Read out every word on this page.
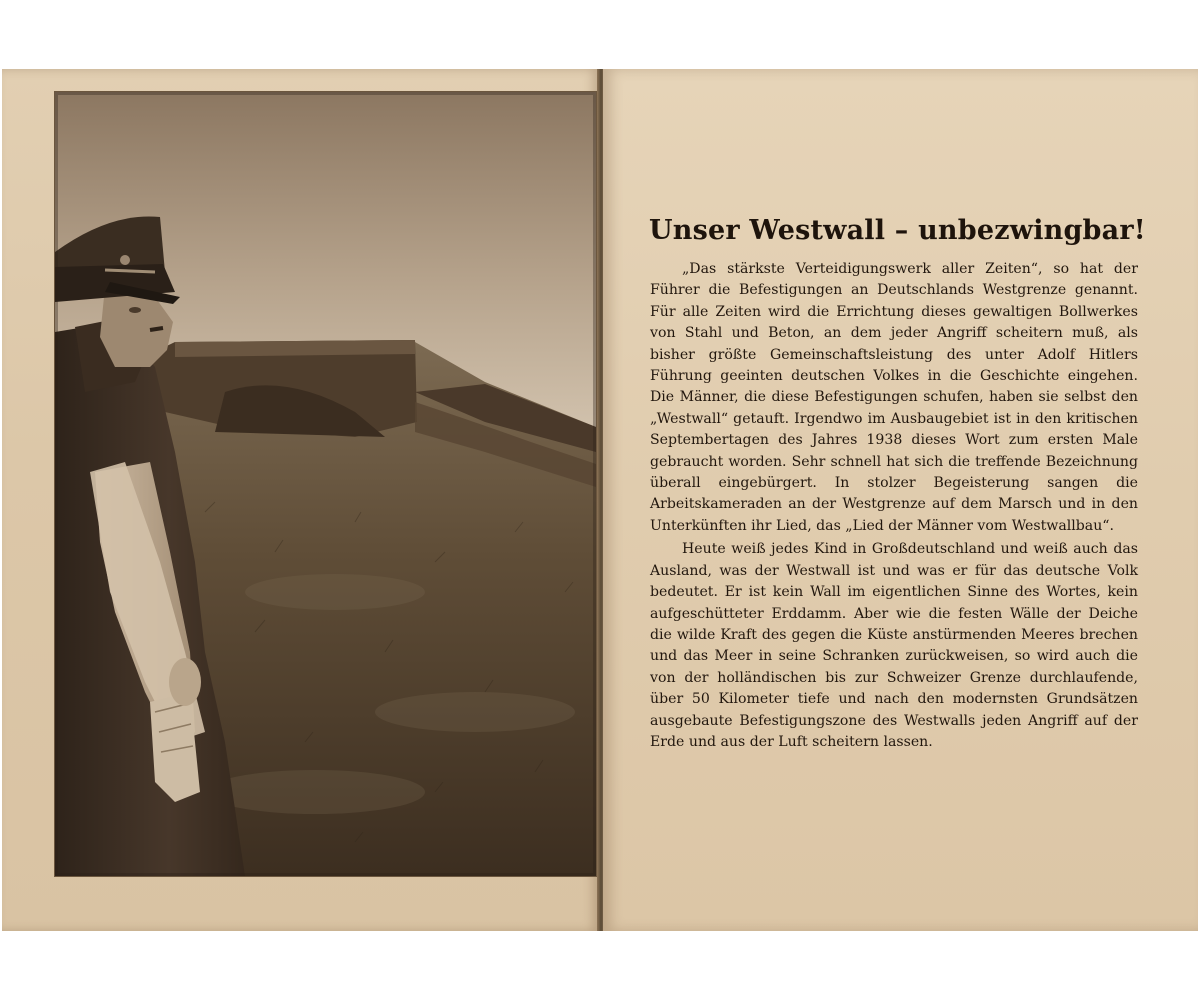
Unser Westwall – unbezwingbar!

„Das stärkste Verteidigungswerk aller Zeiten“, so hat der Führer die Befestigungen an Deutschlands Westgrenze genannt. Für alle Zeiten wird die Errichtung dieses gewaltigen Bollwerkes von Stahl und Beton, an dem jeder Angriff scheitern muß, als bisher größte Gemeinschaftsleistung des unter Adolf Hitlers Führung geeinten deutschen Volkes in die Geschichte eingehen. Die Männer, die diese Befestigungen schufen, haben sie selbst den „Westwall“ getauft. Irgendwo im Ausbaugebiet ist in den kritischen Septembertagen des Jahres 1938 dieses Wort zum ersten Male gebraucht worden. Sehr schnell hat sich die treffende Bezeichnung überall eingebürgert. In stolzer Begeisterung sangen die Arbeitskameraden an der Westgrenze auf dem Marsch und in den Unterkünften ihr Lied, das „Lied der Männer vom Westwallbau“.

Heute weiß jedes Kind in Großdeutschland und weiß auch das Ausland, was der Westwall ist und was er für das deutsche Volk bedeutet. Er ist kein Wall im eigentlichen Sinne des Wortes, kein aufgeschütteter Erddamm. Aber wie die festen Wälle der Deiche die wilde Kraft des gegen die Küste anstürmenden Meeres brechen und das Meer in seine Schranken zurückweisen, so wird auch die von der holländischen bis zur Schweizer Grenze durchlaufende, über 50 Kilometer tiefe und nach den modernsten Grundsätzen ausgebaute Befestigungszone des Westwalls jeden Angriff auf der Erde und aus der Luft scheitern lassen.
